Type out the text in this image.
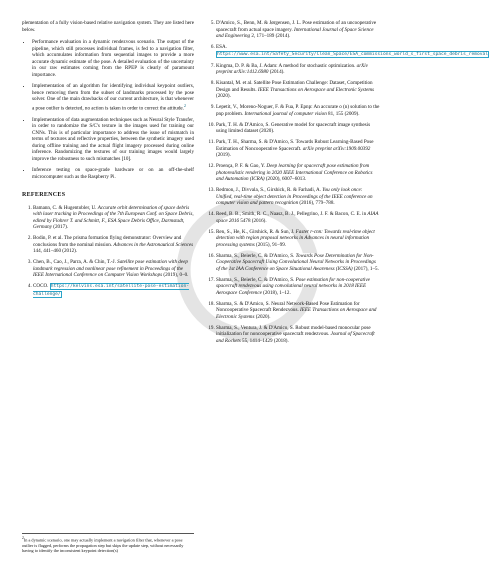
plementation of a fully vision-based relative navigation system. They are listed here below.

• Performance evaluation in a dynamic rendezvous scenario. The output of the pipeline, which still processes individual frames, is fed to a navigation filter, which accumulates information from sequential images to provide a more accurate dynamic estimate of the pose. A detailed evaluation of the uncertainty in our raw estimates coming from the RPEP is clearly of paramount importance.
• Implementation of an algorithm for identifying individual keypoint outliers, hence removing them from the subset of landmarks processed by the pose solver. One of the main drawbacks of our current architecture, is that whenever a pose outlier is detected, no action is taken in order to correct the attitude.$^2$
• Implementation of data augmentation techniques such as Neural Style Transfer, in order to randomize the S/C's texture in the images used for training our CNNs. This is of particular importance to address the issue of mismatch in terms of textures and reflective properties, between the synthetic imagery used during offline training and the actual flight imagery processed during online inference. Randomizing the textures of our training images would largely improve the robustness to such mismatches [10].
• Inference testing on space-grade hardware or on an off-the-shelf microcomputer such as the Raspberry Pi.
REFERENCES
1. Bamann, C. & Hugentobler, U. Accurate orbit determination of space debris with laser tracking in Proceedings of the 7th European Conf. on Space Debris, edited by Flohrer T. and Schmitt, F., ESA Space Debris Office, Darmstadt, Germany (2017).
2. Bodin, P. et al. The prisma formation flying demonstrator: Overview and conclusions from the nominal mission. Advances in the Astronautical Sciences 144, 441–460 (2012).
3. Chen, B., Cao, J., Parra, A. & Chin, T.-J. Satellite pose estimation with deep landmark regression and nonlinear pose refinement in Proceedings of the IEEE International Conference on Computer Vision Workshops (2019), 0–0.
4. COCO. https://kelvins.esa.int/satellite-pose-estimation-challenge/
$^2$In a dynamic scenario, one may actually implement a navigation filter that, whenever a pose outlier is flagged, performs the propagation step but skips the update step, without necessarily having to identify the inconsistent keypoint detection(s)
5. D'Amico, S., Benn, M. & Jørgensen, J. L. Pose estimation of an uncooperative spacecraft from actual space imagery. International Journal of Space Science and Engineering 2, 171–189 (2014).
6. ESA. https://www.esa.int/Safety_Security/Clean_Space/ESA_commissions_world_s_first_space_debris_removal
7. Kingma, D. P. & Ba, J. Adam: A method for stochastic optimization. arXiv preprint arXiv:1412.6980 (2014).
8. Kisantal, M. et al. Satellite Pose Estimation Challenge: Dataset, Competition Design and Results. IEEE Transactions on Aerospace and Electronic Systems (2020).
9. Lepetit, V., Moreno-Noguer, F. & Fua, P. Epnp: An accurate o (n) solution to the pnp problem. International journal of computer vision 81, 155 (2009).
10. Park, T. H. & D'Amico, S. Generative model for spacecraft image synthesis using limited dataset (2020).
11. Park, T. H., Sharma, S. & D'Amico, S. Towards Robust Learning-Based Pose Estimation of Noncooperative Spacecraft. arXiv preprint arXiv:1909.00392 (2019).
12. Proença, P. F. & Gao, Y. Deep learning for spacecraft pose estimation from photorealistic rendering in 2020 IEEE International Conference on Robotics and Automation (ICRA) (2020), 6007–6013.
13. Redmon, J., Divvala, S., Girshick, R. & Farhadi, A. You only look once: Unified, real-time object detection in Proceedings of the IEEE conference on computer vision and pattern recognition (2016), 779–788.
14. Reed, B. B., Smith, R. C., Naasz, B. J., Pellegrino, J. F. & Bacon, C. E. in AIAA space 2016 5478 (2016).
15. Ren, S., He, K., Girshick, R. & Sun, J. Faster r-cnn: Towards real-time object detection with region proposal networks in Advances in neural information processing systems (2015), 91–99.
16. Sharma, S., Beierle, C. & D'Amico, S. Towards Pose Determination for Non-Cooperative Spacecraft Using Convolutional Neural Networks in Proceedings of the 1st IAA Conference on Space Situational Awareness (ICSSA) (2017), 1–5.
17. Sharma, S., Beierle, C. & D'Amico, S. Pose estimation for non-cooperative spacecraft rendezvous using convolutional neural networks in 2018 IEEE Aerospace Conference (2018), 1–12.
18. Sharma, S. & D'Amico, S. Neural Network-Based Pose Estimation for Noncooperative Spacecraft Rendezvous. IEEE Transactions on Aerospace and Electronic Systems (2020).
19. Sharma, S., Ventura, J. & D'Amico, S. Robust model-based monocular pose initialization for noncooperative spacecraft rendezvous. Journal of Spacecraft and Rockets 55, 1414–1429 (2018).
